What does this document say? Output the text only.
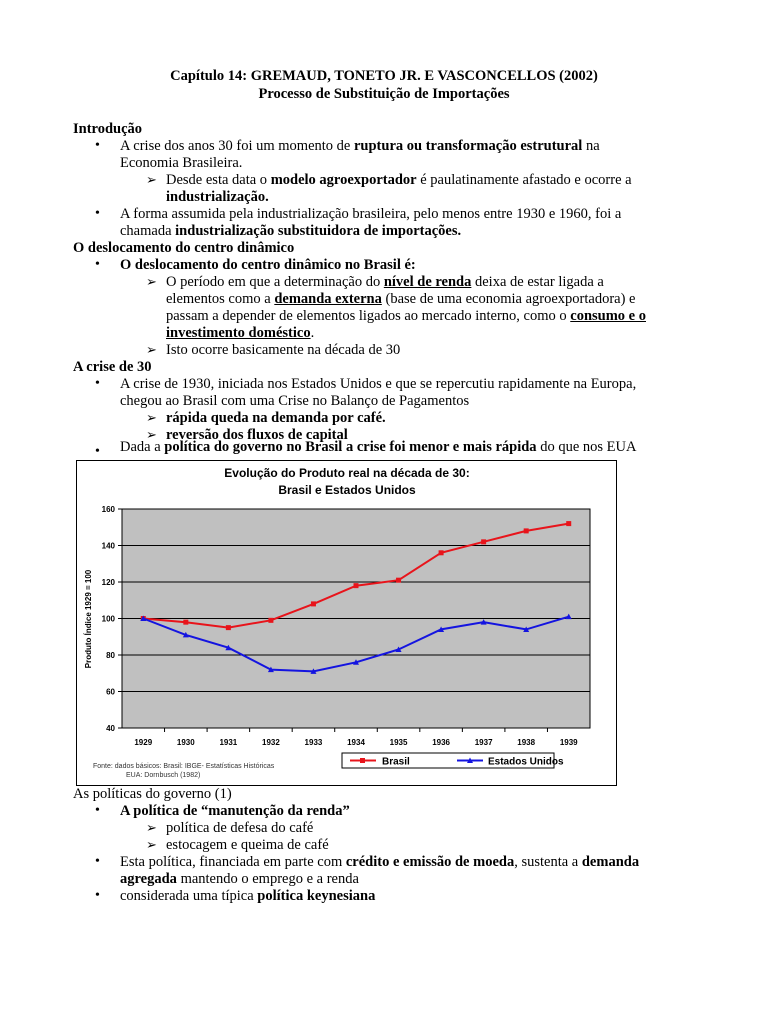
Capítulo 14: GREMAUD, TONETO JR. E VASCONCELLOS (2002)
Processo de Substituição de Importações
Introdução
• A crise dos anos 30 foi um momento de ruptura ou transformação estrutural na
Economia Brasileira.
➢ Desde esta data o modelo agroexportador é paulatinamente afastado e ocorre a
industrialização.
• A forma assumida pela industrialização brasileira, pelo menos entre 1930 e 1960, foi a
chamada industrialização substituidora de importações.
O deslocamento do centro dinâmico
• O deslocamento do centro dinâmico no Brasil é:
➢ O período em que a determinação do nível de renda deixa de estar ligada a
elementos como a demanda externa (base de uma economia agroexportadora) e
passam a depender de elementos ligados ao mercado interno, como o consumo e o
investimento doméstico.
➢ Isto ocorre basicamente na década de 30
A crise de 30
• A crise de 1930, iniciada nos Estados Unidos e que se repercutiu rapidamente na Europa,
chegou ao Brasil com uma Crise no Balanço de Pagamentos
➢ rápida queda na demanda por café.
➢ reversão dos fluxos de capital
• Dada a política do governo no Brasil a crise foi menor e mais rápida do que nos EUA
Evolução do Produto real na década de 30:
Brasil e Estados Unidos
40
60
80
100
120
140
160
1929	1930	1931	1932	1933	1934	1935	1936	1937	1938	1939
Produto Índice 1929 = 100
Fonte: dados básicos: Brasil: IBGE- Estatísticas Históricas
EUA: Dornbusch (1982)
Brasil	Estados Unidos
As políticas do governo (1)
• A política de “manutenção da renda”
➢ política de defesa do café
➢ estocagem e queima de café
• Esta política, financiada em parte com crédito e emissão de moeda, sustenta a demanda
agregada mantendo o emprego e a renda
• considerada uma típica política keynesiana
